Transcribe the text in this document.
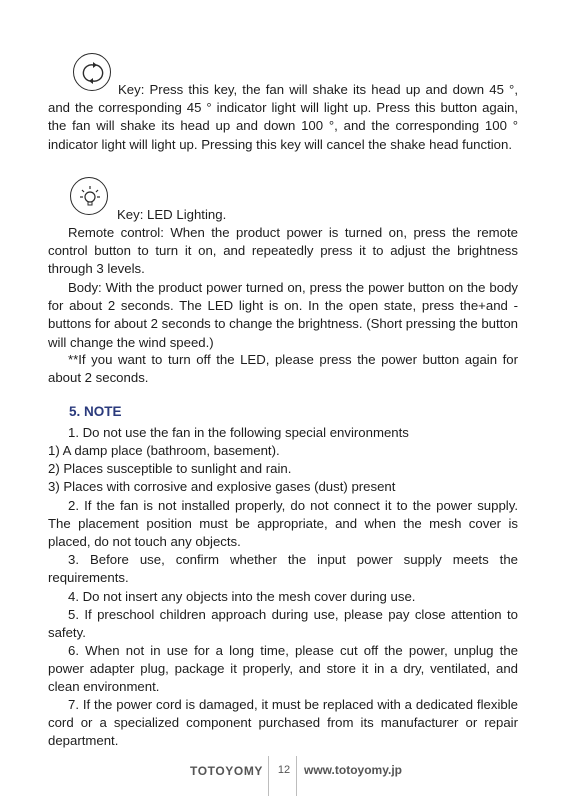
Key: Press this key, the fan will shake its head up and down 45 °, and the corresponding 45 ° indicator light will light up. Press this button again, the fan will shake its head up and down 100 °, and the corresponding 100 ° indicator light will light up. Pressing this key will cancel the shake head function.

Key: LED Lighting.

Remote control: When the product power is turned on, press the remote control button to turn it on, and repeatedly press it to adjust the brightness through 3 levels.

Body: With the product power turned on, press the power button on the body for about 2 seconds. The LED light is on. In the open state, press the+and - buttons for about 2 seconds to change the brightness. (Short pressing the button will change the wind speed.)

**If you want to turn off the LED, please press the power button again for about 2 seconds.

5. NOTE

1. Do not use the fan in the following special environments

1) A damp place (bathroom, basement).

2) Places susceptible to sunlight and rain.

3) Places with corrosive and explosive gases (dust) present

2. If the fan is not installed properly, do not connect it to the power supply. The placement position must be appropriate, and when the mesh cover is placed, do not touch any objects.

3. Before use, confirm whether the input power supply meets the requirements.

4. Do not insert any objects into the mesh cover during use.

5. If preschool children approach during use, please pay close attention to safety.

6. When not in use for a long time, please cut off the power, unplug the power adapter plug, package it properly, and store it in a dry, ventilated, and clean environment.

7. If the power cord is damaged, it must be replaced with a dedicated flexible cord or a specialized component purchased from its manufacturer or repair department.

TOTOYOMY	12	www.totoyomy.jp
